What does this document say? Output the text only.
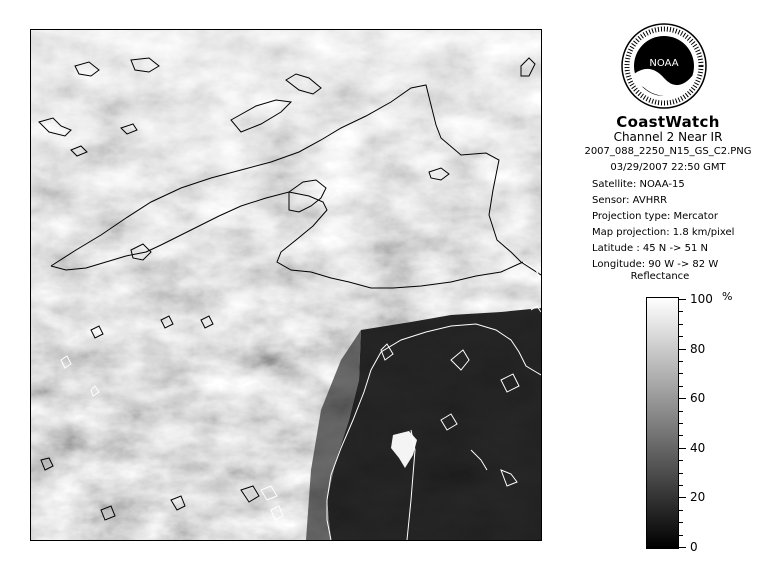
NOAA
CoastWatch
Channel 2 Near IR
2007_088_2250_N15_GS_C2.PNG
03/29/2007 22:50 GMT
Satellite: NOAA-15
Sensor: AVHRR
Projection type: Mercator
Map projection: 1.8 km/pixel
Latitude : 45 N -> 51 N
Longitude: 90 W -> 82 W
Reflectance
%
100
80
60
40
20
0
